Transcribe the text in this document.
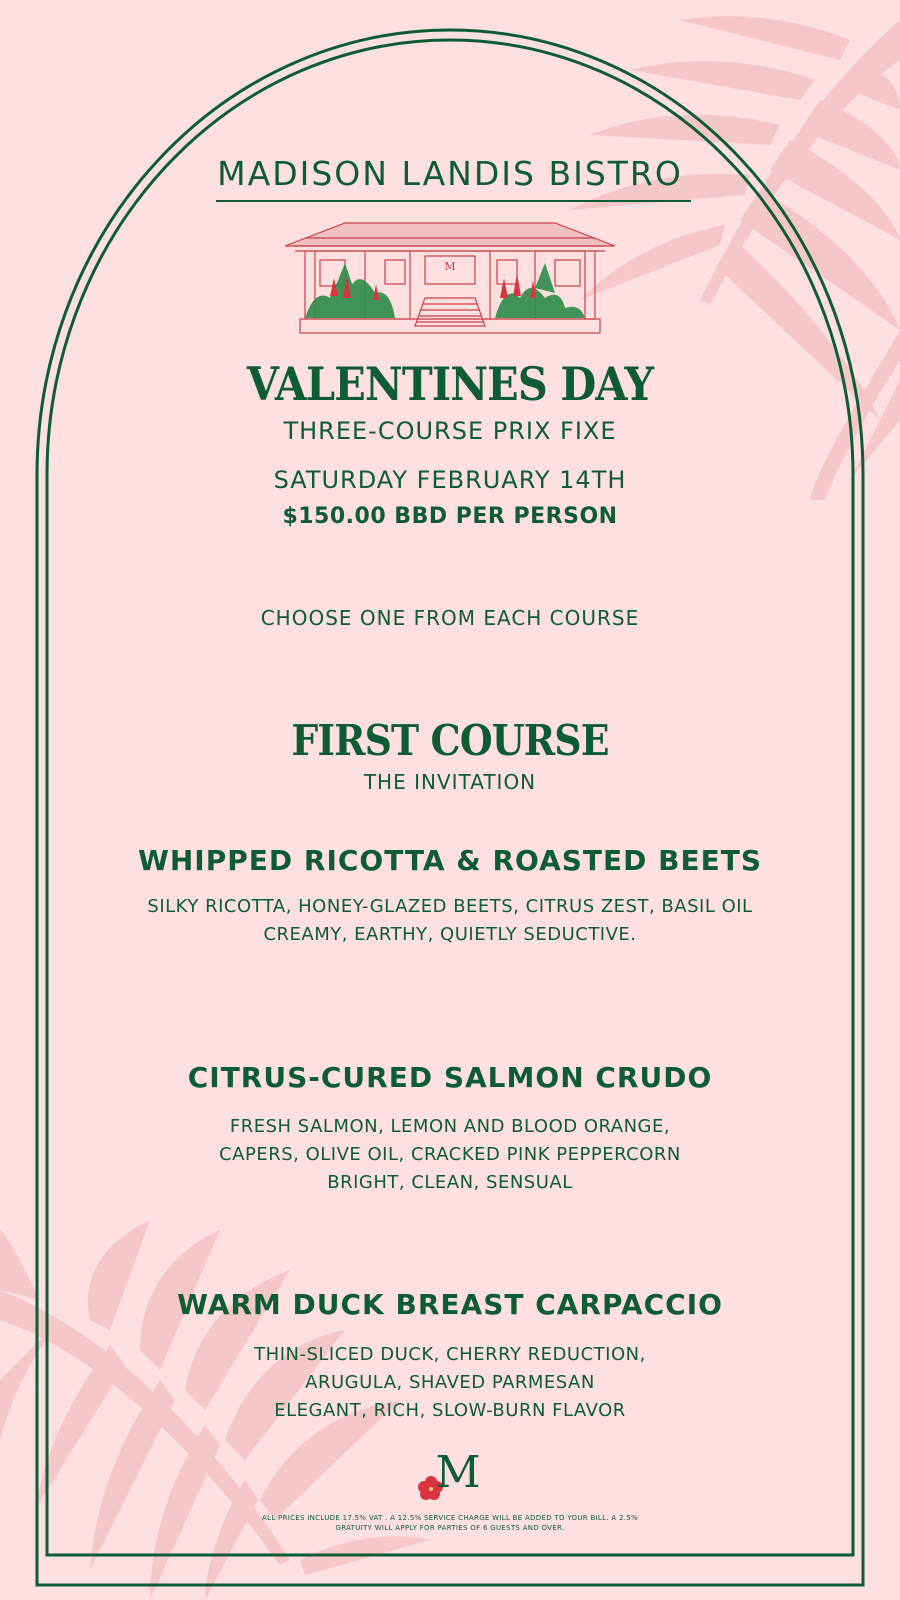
MADISON LANDIS BISTRO
M
VALENTINES DAY
THREE-COURSE PRIX FIXE
SATURDAY FEBRUARY 14TH
$150.00 BBD PER PERSON
CHOOSE ONE FROM EACH COURSE
FIRST COURSE
THE INVITATION
WHIPPED RICOTTA & ROASTED BEETS
SILKY RICOTTA, HONEY-GLAZED BEETS, CITRUS ZEST, BASIL OIL
CREAMY, EARTHY, QUIETLY SEDUCTIVE.
CITRUS-CURED SALMON CRUDO
FRESH SALMON, LEMON AND BLOOD ORANGE,
CAPERS, OLIVE OIL, CRACKED PINK PEPPERCORN
BRIGHT, CLEAN, SENSUAL
WARM DUCK BREAST CARPACCIO
THIN-SLICED DUCK, CHERRY REDUCTION,
ARUGULA, SHAVED PARMESAN
ELEGANT, RICH, SLOW-BURN FLAVOR
M
ALL PRICES INCLUDE 17.5% VAT . A 12.5% SERVICE CHARGE WILL BE ADDED TO YOUR BILL. A 2.5%
GRATUITY WILL APPLY FOR PARTIES OF 6 GUESTS AND OVER.
